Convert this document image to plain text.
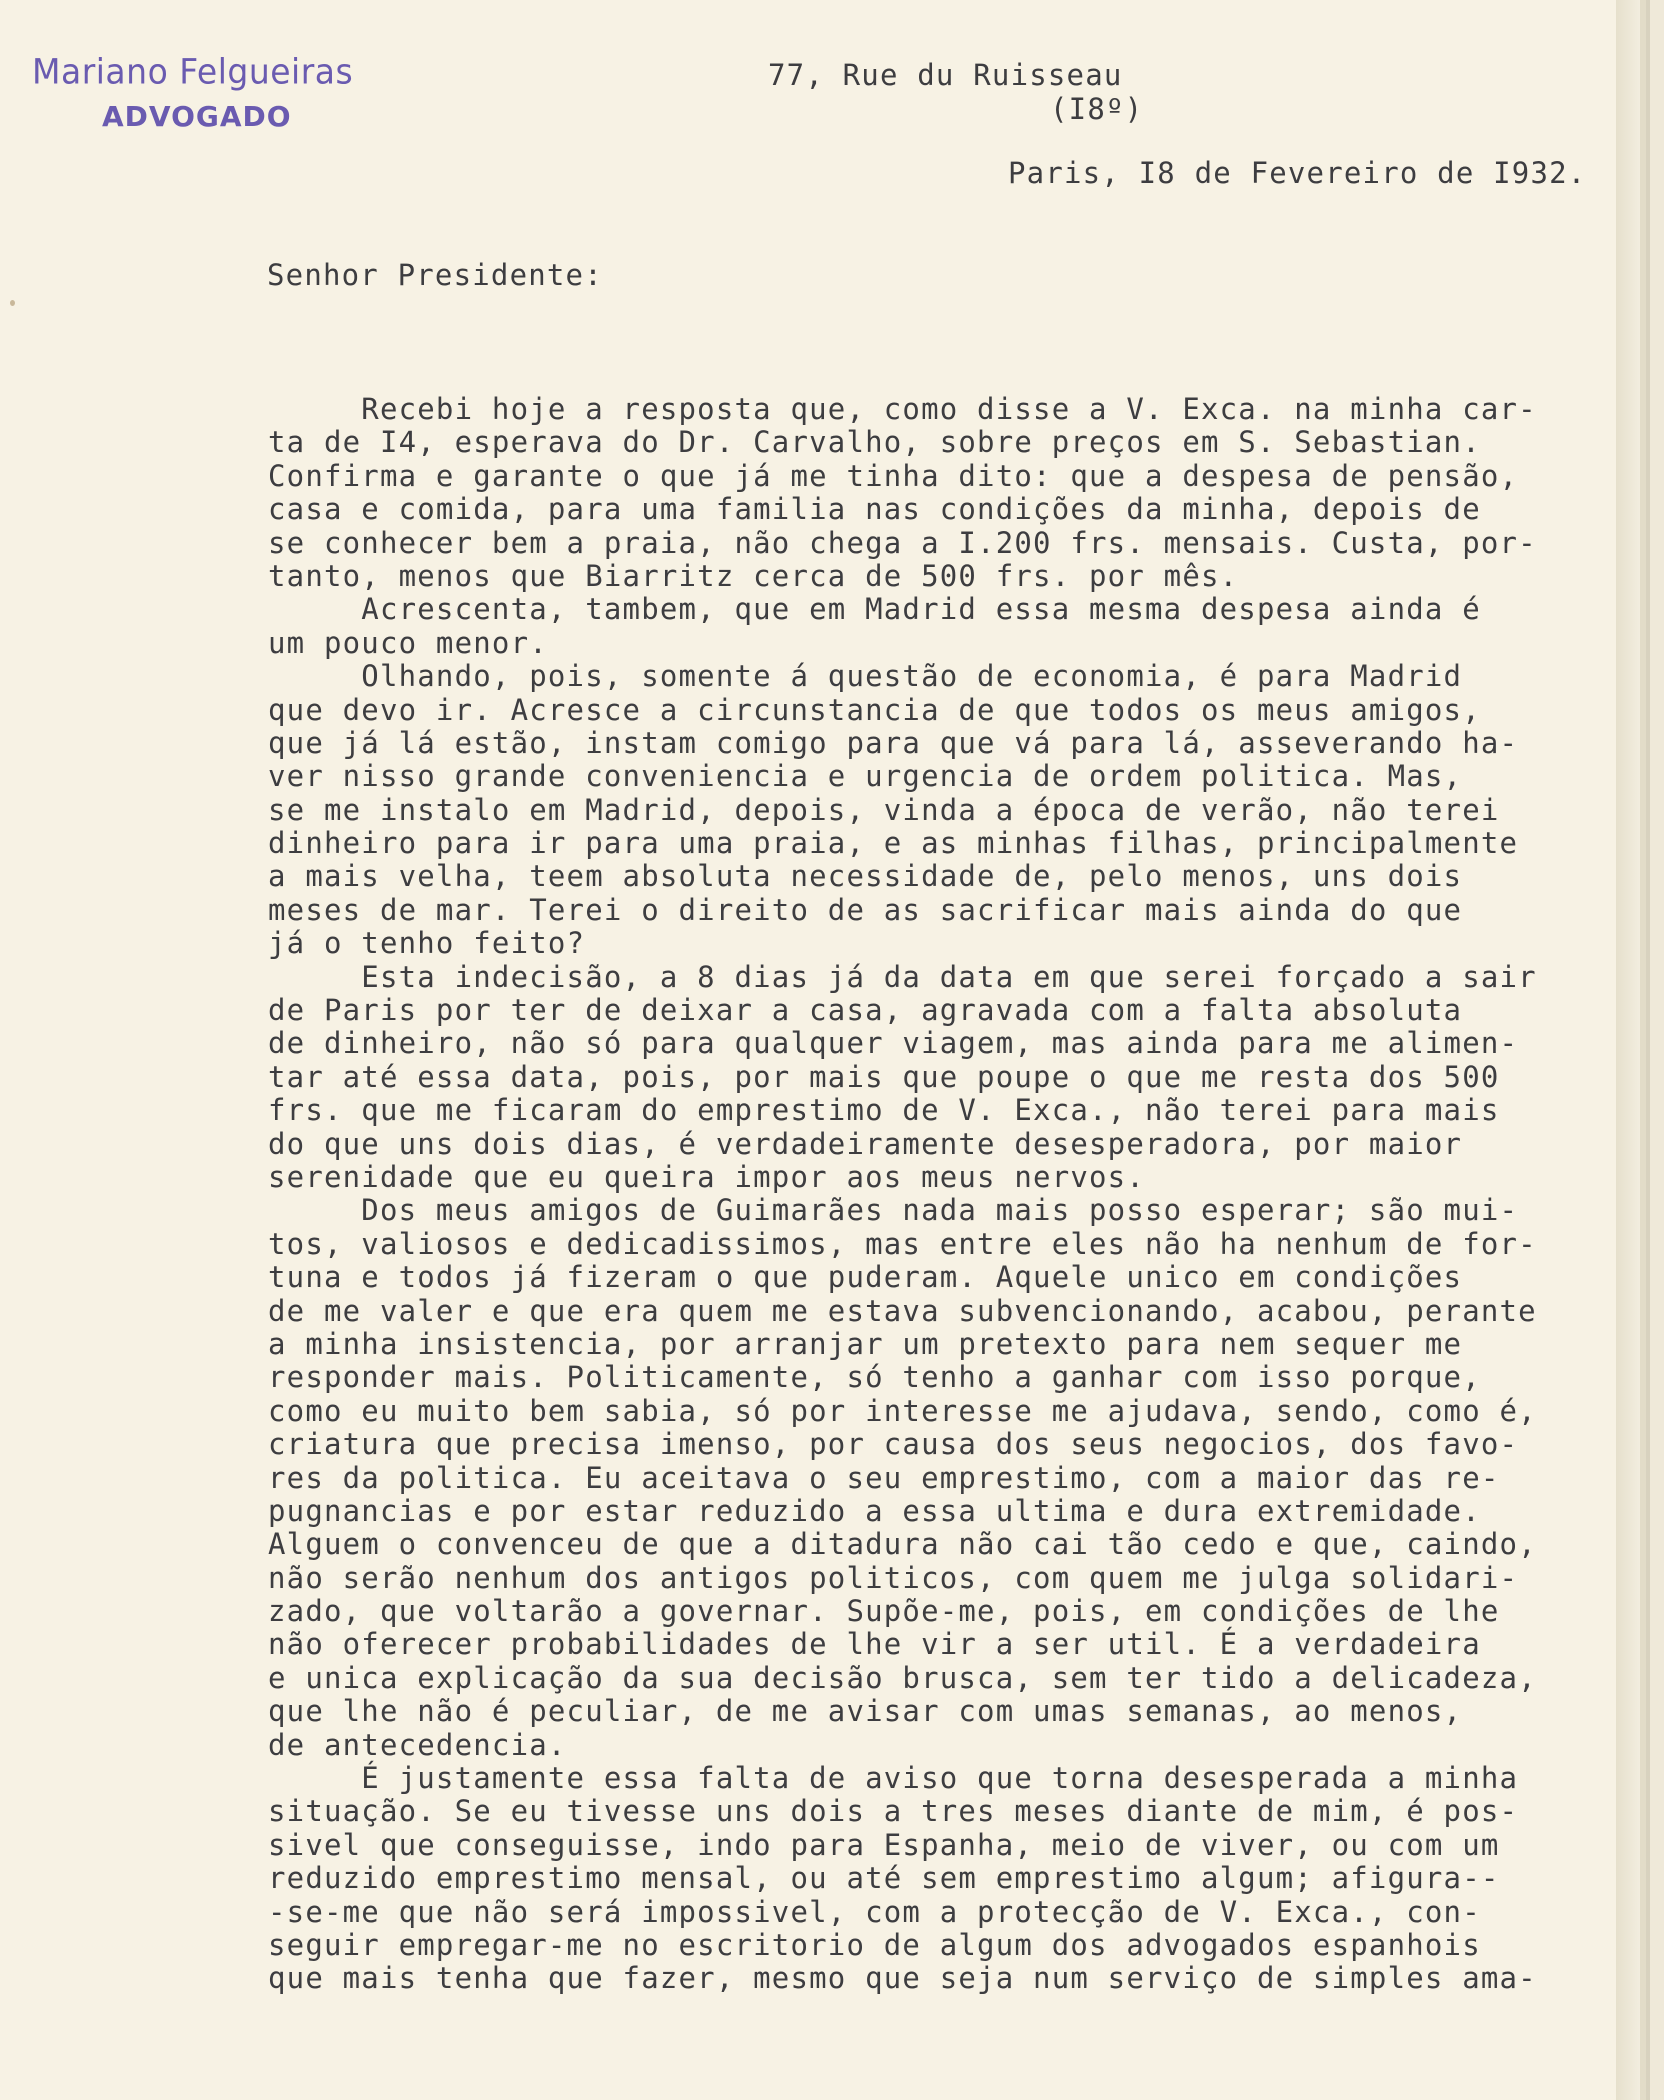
Mariano Felgueiras
ADVOGADO
77, Rue du Ruisseau
(I8º)
Paris, I8 de Fevereiro de I932.
Senhor Presidente:
Recebi hoje a resposta que, como disse a V. Exca. na minha car-
ta de I4, esperava do Dr. Carvalho, sobre preços em S. Sebastian.
Confirma e garante o que já me tinha dito: que a despesa de pensão,
casa e comida, para uma familia nas condições da minha, depois de
se conhecer bem a praia, não chega a I.200 frs. mensais. Custa, por-
tanto, menos que Biarritz cerca de 500 frs. por mês.
Acrescenta, tambem, que em Madrid essa mesma despesa ainda é
um pouco menor.
Olhando, pois, somente á questão de economia, é para Madrid
que devo ir. Acresce a circunstancia de que todos os meus amigos,
que já lá estão, instam comigo para que vá para lá, asseverando ha-
ver nisso grande conveniencia e urgencia de ordem politica. Mas,
se me instalo em Madrid, depois, vinda a época de verão, não terei
dinheiro para ir para uma praia, e as minhas filhas, principalmente
a mais velha, teem absoluta necessidade de, pelo menos, uns dois
meses de mar. Terei o direito de as sacrificar mais ainda do que
já o tenho feito?
Esta indecisão, a 8 dias já da data em que serei forçado a sair
de Paris por ter de deixar a casa, agravada com a falta absoluta
de dinheiro, não só para qualquer viagem, mas ainda para me alimen-
tar até essa data, pois, por mais que poupe o que me resta dos 500
frs. que me ficaram do emprestimo de V. Exca., não terei para mais
do que uns dois dias, é verdadeiramente desesperadora, por maior
serenidade que eu queira impor aos meus nervos.
Dos meus amigos de Guimarães nada mais posso esperar; são mui-
tos, valiosos e dedicadissimos, mas entre eles não ha nenhum de for-
tuna e todos já fizeram o que puderam. Aquele unico em condições
de me valer e que era quem me estava subvencionando, acabou, perante
a minha insistencia, por arranjar um pretexto para nem sequer me
responder mais. Politicamente, só tenho a ganhar com isso porque,
como eu muito bem sabia, só por interesse me ajudava, sendo, como é,
criatura que precisa imenso, por causa dos seus negocios, dos favo-
res da politica. Eu aceitava o seu emprestimo, com a maior das re-
pugnancias e por estar reduzido a essa ultima e dura extremidade.
Alguem o convenceu de que a ditadura não cai tão cedo e que, caindo,
não serão nenhum dos antigos politicos, com quem me julga solidari-
zado, que voltarão a governar. Supõe-me, pois, em condições de lhe
não oferecer probabilidades de lhe vir a ser util. É a verdadeira
e unica explicação da sua decisão brusca, sem ter tido a delicadeza,
que lhe não é peculiar, de me avisar com umas semanas, ao menos,
de antecedencia.
É justamente essa falta de aviso que torna desesperada a minha
situação. Se eu tivesse uns dois a tres meses diante de mim, é pos-
sivel que conseguisse, indo para Espanha, meio de viver, ou com um
reduzido emprestimo mensal, ou até sem emprestimo algum; afigura--
-se-me que não será impossivel, com a protecção de V. Exca., con-
seguir empregar-me no escritorio de algum dos advogados espanhois
que mais tenha que fazer, mesmo que seja num serviço de simples ama-
